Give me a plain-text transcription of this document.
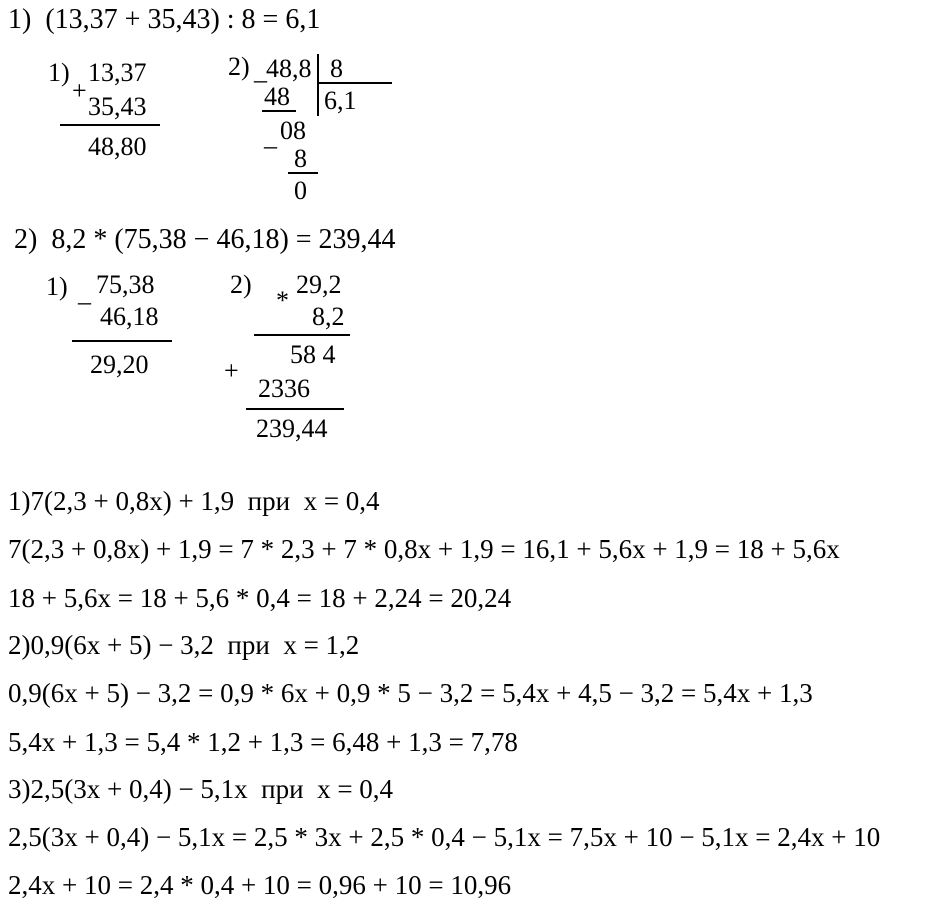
1)  (13,37 + 35,43) : 8 = 6,1
1)
+
13,37
35,43
48,80
2) _ 48,8 8
6,1
48
_ 08
8
0
2)  8,2 * (75,38 − 46,18) = 239,44
1) _ 75,38
46,18
29,20
2)
*
29,2
8,2
58 4
+
2336
239,44
1)7(2,3 + 0,8x) + 1,9  при  x = 0,4
7(2,3 + 0,8x) + 1,9 = 7 * 2,3 + 7 * 0,8x + 1,9 = 16,1 + 5,6x + 1,9 = 18 + 5,6x
18 + 5,6x = 18 + 5,6 * 0,4 = 18 + 2,24 = 20,24
2)0,9(6x + 5) − 3,2  при  x = 1,2
0,9(6x + 5) − 3,2 = 0,9 * 6x + 0,9 * 5 − 3,2 = 5,4x + 4,5 − 3,2 = 5,4x + 1,3
5,4x + 1,3 = 5,4 * 1,2 + 1,3 = 6,48 + 1,3 = 7,78
3)2,5(3x + 0,4) − 5,1x  при  x = 0,4
2,5(3x + 0,4) − 5,1x = 2,5 * 3x + 2,5 * 0,4 − 5,1x = 7,5x + 10 − 5,1x = 2,4x + 10
2,4x + 10 = 2,4 * 0,4 + 10 = 0,96 + 10 = 10,96
